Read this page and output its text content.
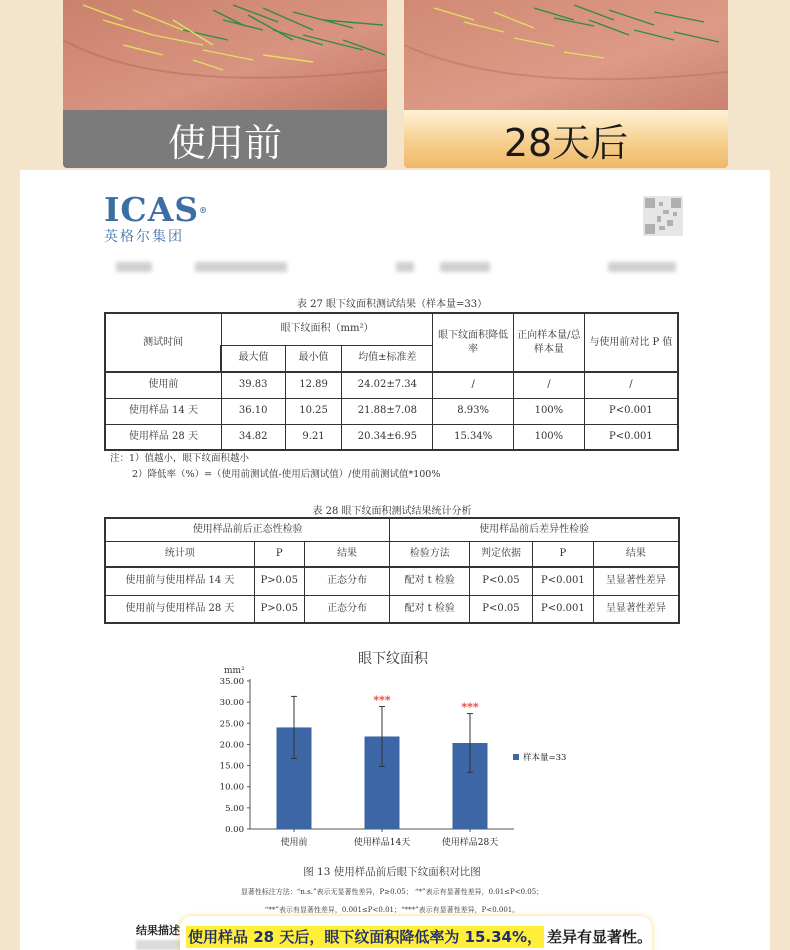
使用前	28天后
ICAS®
英格尔集团
表 27 眼下纹面积测试结果（样本量=33）
测试时间	眼下纹面积（mm²）			眼下纹面积降低率	正向样本量/总样本量	与使用前对比 P 值
	最大值	最小值	均值±标准差			
使用前	39.83	12.89	24.02±7.34	/	/	/
使用样品 14 天	36.10	10.25	21.88±7.08	8.93%	100%	P<0.001
使用样品 28 天	34.82	9.21	20.34±6.95	15.34%	100%	P<0.001
注：1）值越小，眼下纹面积越小
2）降低率（%）=（使用前测试值-使用后测试值）/使用前测试值*100%
表 28 眼下纹面积测试结果统计分析
使用样品前后正态性检验			使用样品前后差异性检验			
统计项	P	结果	检验方法	判定依据	P	结果
使用前与使用样品 14 天	P>0.05	正态分布	配对 t 检验	P<0.05	P<0.001	呈显著性差异
使用前与使用样品 28 天	P>0.05	正态分布	配对 t 检验	P<0.05	P<0.001	呈显著性差异
眼下纹面积
mm²
0.00
5.00
10.00
15.00
20.00
25.00
30.00
35.00
使用前	使用样品14天
***
使用样品28天
***
样本量=33
图 13 使用样品前后眼下纹面积对比图
显著性标注方法：“n.s.”表示无显著性差异，P≥0.05； “*”表示有显著性差异，0.01≤P<0.05；
“**”表示有显著性差异，0.001≤P<0.01；“***”表示有显著性差异，P<0.001。
结果描述 使用样品 28 天后，眼下纹面积降低率为 15.34%， 差异有显著性。
